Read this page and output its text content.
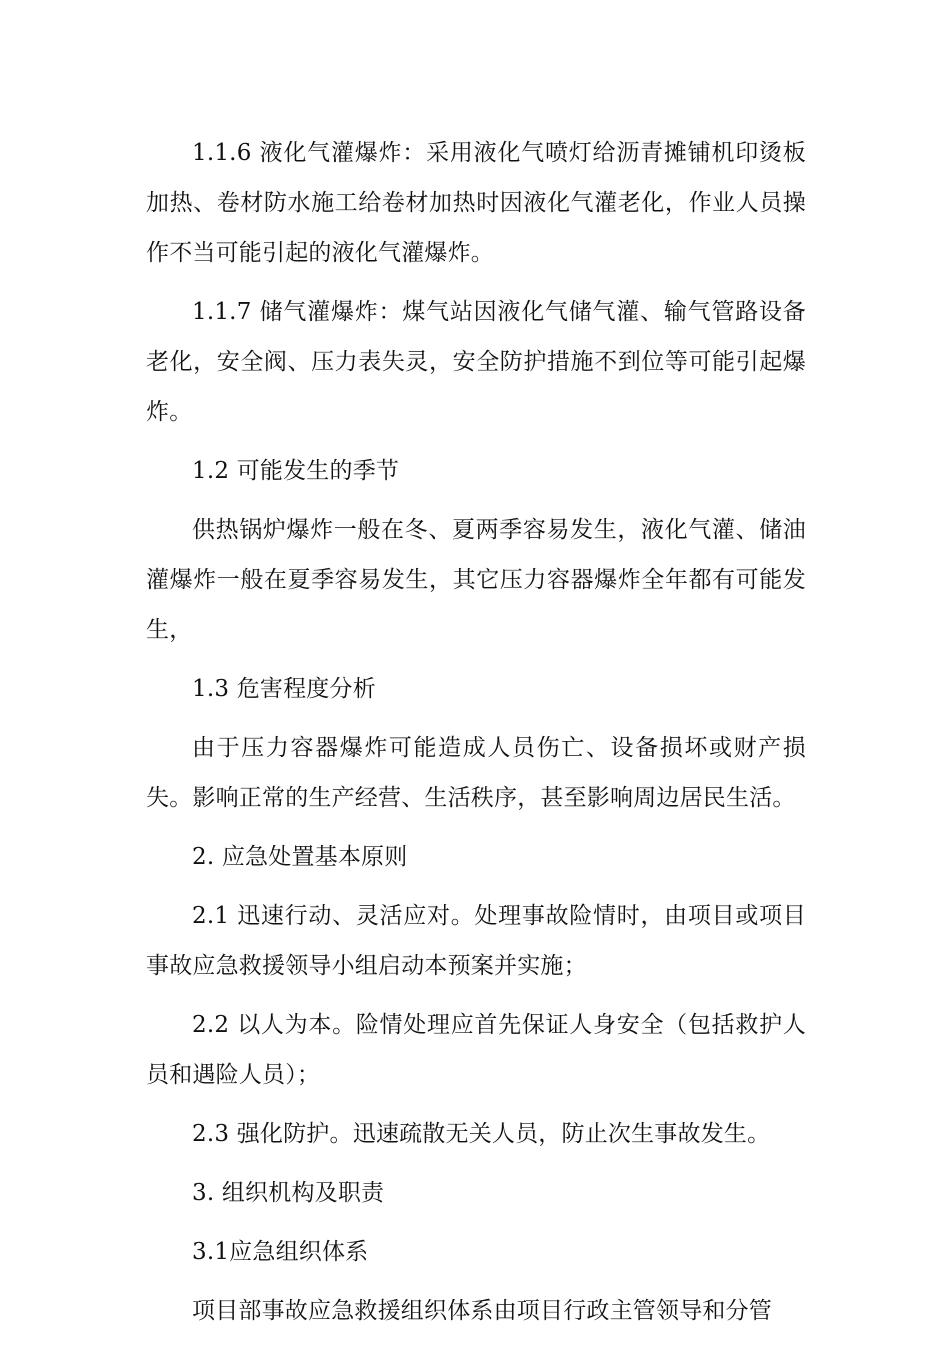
1.1.6 液化气灌爆炸：采用液化气喷灯给沥青摊铺机印烫板加热、卷材防水施工给卷材加热时因液化气灌老化，作业人员操作不当可能引起的液化气灌爆炸。

1.1.7 储气灌爆炸：煤气站因液化气储气灌、输气管路设备老化，安全阀、压力表失灵，安全防护措施不到位等可能引起爆炸。

1.2 可能发生的季节

供热锅炉爆炸一般在冬、夏两季容易发生，液化气灌、储油灌爆炸一般在夏季容易发生，其它压力容器爆炸全年都有可能发生，

1.3 危害程度分析

由于压力容器爆炸可能造成人员伤亡、设备损坏或财产损失。影响正常的生产经营、生活秩序，甚至影响周边居民生活。

2. 应急处置基本原则

2.1 迅速行动、灵活应对。处理事故险情时，由项目或项目事故应急救援领导小组启动本预案并实施；

2.2 以人为本。险情处理应首先保证人身安全（包括救护人员和遇险人员）；

2.3 强化防护。迅速疏散无关人员，防止次生事故发生。

3. 组织机构及职责

3.1应急组织体系

项目部事故应急救援组织体系由项目行政主管领导和分管
